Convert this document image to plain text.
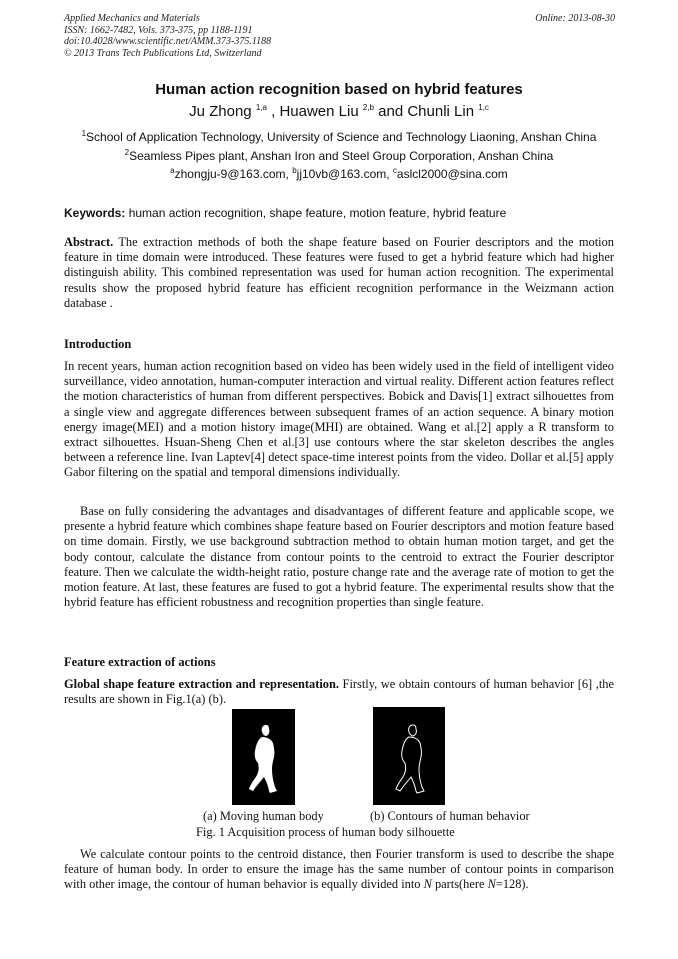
Applied Mechanics and Materials
ISSN: 1662-7482, Vols. 373-375, pp 1188-1191
doi:10.4028/www.scientific.net/AMM.373-375.1188
© 2013 Trans Tech Publications Ltd, Switzerland
Online: 2013-08-30
Human action recognition based on hybrid features
Ju Zhong $^{1,a}$ , Huawen Liu $^{2,b}$ and Chunli Lin $^{1,c}$
$^1$School of Application Technology, University of Science and Technology Liaoning, Anshan China
$^2$Seamless Pipes plant, Anshan Iron and Steel Group Corporation, Anshan China
$^a$zhongju-9@163.com, $^b$jj10vb@163.com, $^c$aslcl2000@sina.com
Keywords: human action recognition, shape feature, motion feature, hybrid feature

Abstract. The extraction methods of both the shape feature based on Fourier descriptors and the motion feature in time domain were introduced. These features were fused to get a hybrid feature which had higher distinguish ability. This combined representation was used for human action recognition. The experimental results show the proposed hybrid feature has efficient recognition performance in the Weizmann action database .

Introduction

In recent years, human action recognition based on video has been widely used in the field of intelligent video surveillance, video annotation, human-computer interaction and virtual reality. Different action features reflect the motion characteristics of human from different perspectives. Bobick and Davis[1] extract silhouettes from a single view and aggregate differences between subsequent frames of an action sequence. A binary motion energy image(MEI) and a motion history image(MHI) are obtained. Wang et al.[2] apply a R transform to extract silhouettes. Hsuan-Sheng Chen et al.[3] use contours where the star skeleton describes the angles between a reference line. Ivan Laptev[4] detect space-time interest points from the video. Dollar et al.[5] apply Gabor filtering on the spatial and temporal dimensions individually.

Base on fully considering the advantages and disadvantages of different feature and applicable scope, we presente a hybrid feature which combines shape feature based on Fourier descriptors and motion feature based on time domain. Firstly, we use background subtraction method to obtain human motion target, and get the body contour, calculate the distance from contour points to the centroid to extract the Fourier descriptor feature. Then we calculate the width-height ratio, posture change rate and the average rate of motion to get the motion feature. At last, these features are fused to got a hybrid feature. The experimental results show that the hybrid feature has efficient robustness and recognition properties than single feature.

Feature extraction of actions

Global shape feature extraction and representation. Firstly, we obtain contours of human behavior [6] ,the results are shown in Fig.1(a) (b).

(a) Moving human body	(b) Contours of human behavior
Fig. 1 Acquisition process of human body silhouette

We calculate contour points to the centroid distance, then Fourier transform is used to describe the shape feature of human body. In order to ensure the image has the same number of contour points in comparison with other image, the contour of human behavior is equally divided into N parts(here N=128).
